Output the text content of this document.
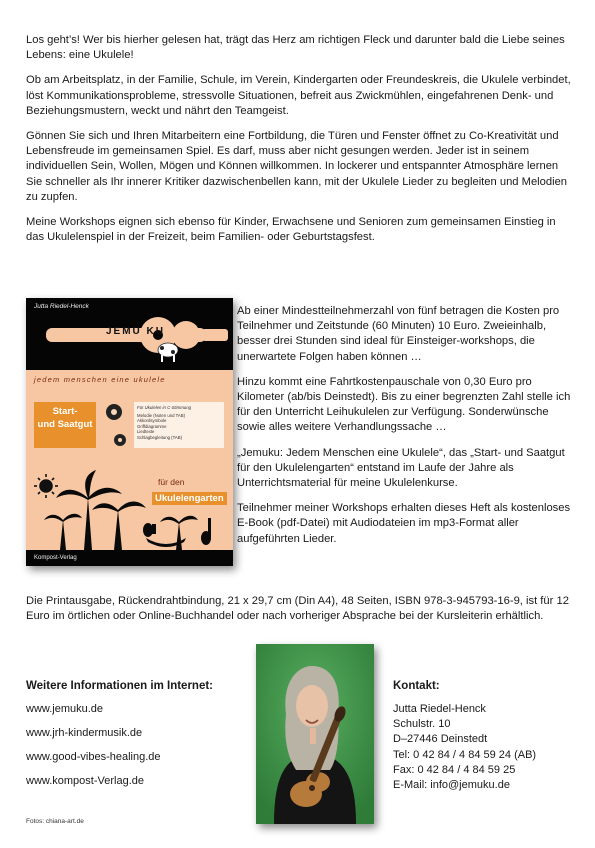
Los geht’s! Wer bis hierher gelesen hat, trägt das Herz am richtigen Fleck und darunter bald die Liebe seines Lebens: eine Ukulele!

Ob am Arbeitsplatz, in der Familie, Schule, im Verein, Kindergarten oder Freundeskreis, die Ukulele verbindet, löst Kommunikationsprobleme, stressvolle Situationen, befreit aus Zwickmühlen, eingefahrenen Denk- und Beziehungsmustern, weckt und nährt den Teamgeist.

Gönnen Sie sich und Ihren Mitarbeitern eine Fortbildung, die Türen und Fenster öffnet zu Co-Kreativität und Lebensfreude im gemeinsamen Spiel. Es darf, muss aber nicht gesungen werden. Jeder ist in seinem individuellen Sein, Wollen, Mögen und Können willkommen. In lockerer und entspannter Atmosphäre lernen Sie schneller als Ihr innerer Kritiker dazwischenbellen kann, mit der Ukulele Lieder zu begleiten und Melodien zu zupfen.

Meine Workshops eignen sich ebenso für Kinder, Erwachsene und Senioren zum gemeinsamen Einstieg in das Ukulelenspiel in der Freizeit, beim Familien- oder Geburtstagsfest.

Jutta Riedel-Henck
JEMU KU
jedem menschen eine ukulele
Start-
und Saatgut
Für Ukulelen in C-Stimmung
Melodie (Noten und TAB)
Akkordsymbole
Griffdiagramme
Liedtexte
Schlagbegleitung (TAB)
für den
Ukulelengarten
Kompost-Verlag

Ab einer Mindestteilnehmerzahl von fünf betragen die Kosten pro Teilnehmer und Zeitstunde (60 Minuten) 10 Euro. Zweieinhalb, besser drei Stunden sind ideal für Einsteiger-workshops, die unerwartete Folgen haben können …

Hinzu kommt eine Fahrtkostenpauschale von 0,30 Euro pro Kilometer (ab/bis Deinstedt). Bis zu einer begrenzten Zahl stelle ich für den Unterricht Leihukulelen zur Verfügung. Sonderwünsche sowie alles weitere Verhandlungssache …

„Jemuku: Jedem Menschen eine Ukulele“, das „Start- und Saatgut für den Ukulelengarten“ entstand im Laufe der Jahre als Unterrichtsmaterial für meine Ukulelenkurse.

Teilnehmer meiner Workshops erhalten dieses Heft als kostenloses E-Book (pdf-Datei) mit Audiodateien im mp3-Format aller aufgeführten Lieder.

Die Printausgabe, Rückendrahtbindung, 21 x 29,7 cm (Din A4), 48 Seiten, ISBN 978-3-945793-16-9, ist für 12 Euro im örtlichen oder Online-Buchhandel oder nach vorheriger Absprache bei der Kursleiterin erhältlich.

Weitere Informationen im Internet:
www.jemuku.de
www.jrh-kindermusik.de
www.good-vibes-healing.de
www.kompost-Verlag.de
Kontakt:
Jutta Riedel-Henck
Schulstr. 10
D–27446 Deinstedt
Tel: 0 42 84 / 4 84 59 24 (AB)
Fax: 0 42 84 / 4 84 59 25
E-Mail: info@jemuku.de
Fotos: chiana-art.de
